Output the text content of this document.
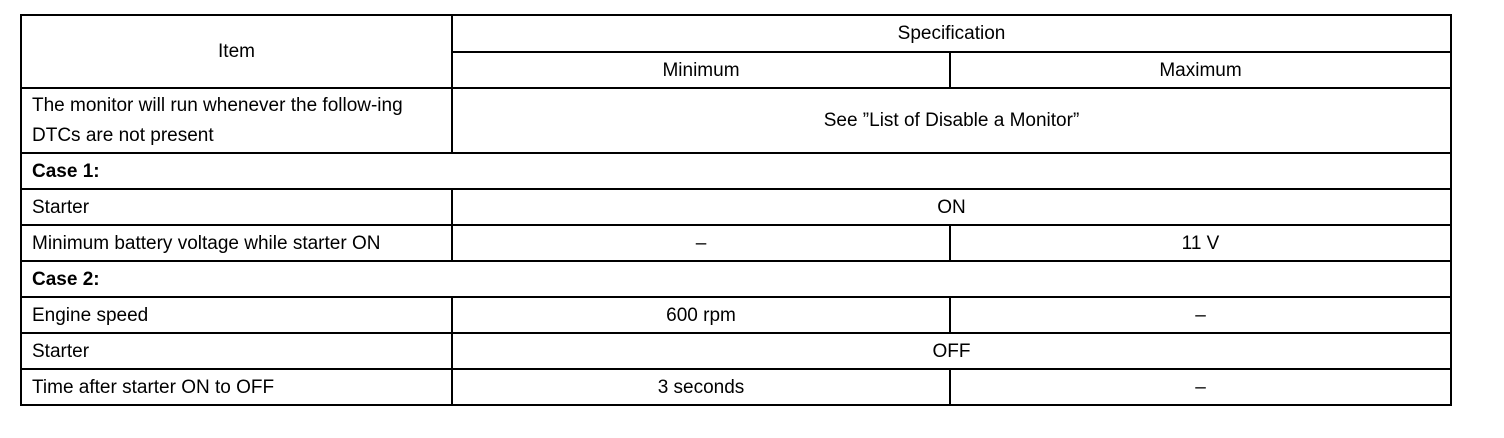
Item	Specification	
	Minimum	Maximum
The monitor will run whenever the follow-ing DTCs are not present	See ”List of Disable a Monitor”	
Case 1:		
Starter	ON	
Minimum battery voltage while starter ON	–	11 V
Case 2:		
Engine speed	600 rpm	–
Starter	OFF	
Time after starter ON to OFF	3 seconds	–
